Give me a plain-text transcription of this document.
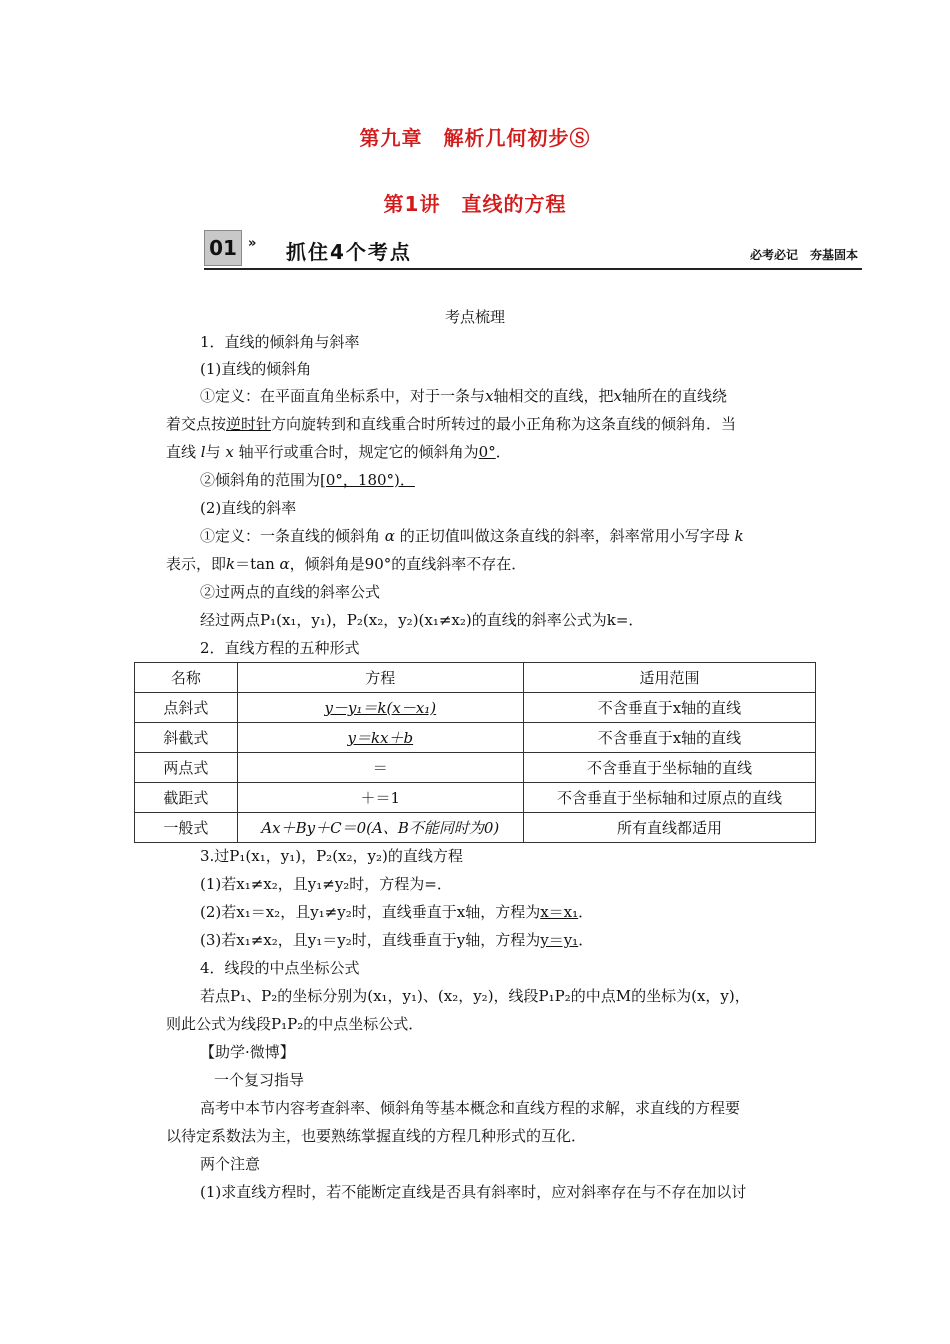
第九章　解析几何初步Ⓢ
第1讲　直线的方程
01 » 抓住4个考点	必考必记　夯基固本
考点梳理
1．直线的倾斜角与斜率
(1)直线的倾斜角
①定义：在平面直角坐标系中，对于一条与x轴相交的直线，把x轴所在的直线绕
着交点按逆时针方向旋转到和直线重合时所转过的最小正角称为这条直线的倾斜角．当
直线 l与 x 轴平行或重合时，规定它的倾斜角为0°．
②倾斜角的范围为[0°，180°)．
(2)直线的斜率
①定义：一条直线的倾斜角 α 的正切值叫做这条直线的斜率，斜率常用小写字母 k
表示，即k＝tan α，倾斜角是90°的直线斜率不存在．
②过两点的直线的斜率公式
经过两点P₁(x₁，y₁)，P₂(x₂，y₂)(x₁≠x₂)的直线的斜率公式为k=．
2．直线方程的五种形式
名称	方程	适用范围
点斜式	y－y₁＝k(x－x₁)	不含垂直于x轴的直线
斜截式	y＝kx＋b	不含垂直于x轴的直线
两点式	＝	不含垂直于坐标轴的直线
截距式	＋＝1	不含垂直于坐标轴和过原点的直线
一般式	Ax＋By＋C＝0(A、B不能同时为0)	所有直线都适用
3.过P₁(x₁，y₁)，P₂(x₂，y₂)的直线方程
(1)若x₁≠x₂，且y₁≠y₂时，方程为=．
(2)若x₁＝x₂，且y₁≠y₂时，直线垂直于x轴，方程为x＝x₁．
(3)若x₁≠x₂，且y₁＝y₂时，直线垂直于y轴，方程为y＝y₁．
4．线段的中点坐标公式
若点P₁、P₂的坐标分别为(x₁，y₁)、(x₂，y₂)，线段P₁P₂的中点M的坐标为(x，y)，
则此公式为线段P₁P₂的中点坐标公式．
【助学·微博】
一个复习指导
高考中本节内容考查斜率、倾斜角等基本概念和直线方程的求解，求直线的方程要
以待定系数法为主，也要熟练掌握直线的方程几种形式的互化．
两个注意
(1)求直线方程时，若不能断定直线是否具有斜率时，应对斜率存在与不存在加以讨
